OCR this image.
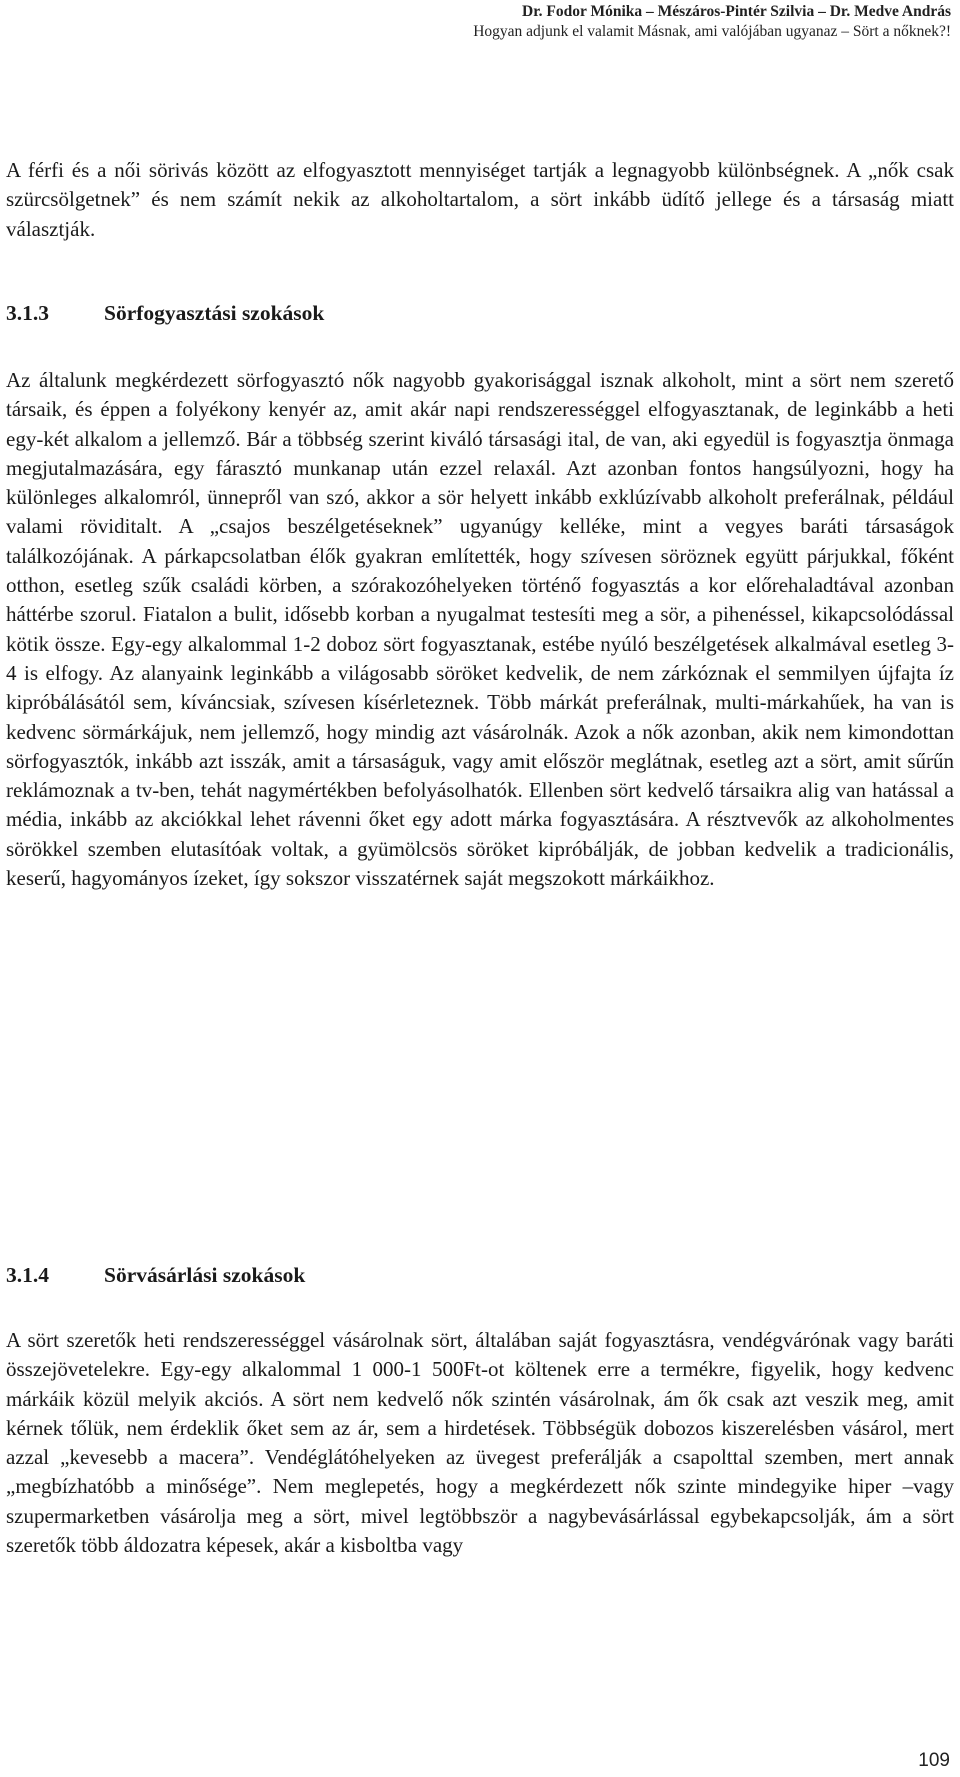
Dr. Fodor Mónika – Mészáros-Pintér Szilvia – Dr. Medve András
Hogyan adjunk el valamit Másnak, ami valójában ugyanaz – Sört a nőknek?!

A férfi és a női sörivás között az elfogyasztott mennyiséget tartják a legnagyobb különbségnek. A „nők csak szürcsölgetnek” és nem számít nekik az alkoholtartalom, a sört inkább üdítő jellege és a társaság miatt választják.

3.1.3	Sörfogyasztási szokások

Az általunk megkérdezett sörfogyasztó nők nagyobb gyakorisággal isznak alkoholt, mint a sört nem szerető társaik, és éppen a folyékony kenyér az, amit akár napi rendszerességgel elfogyasztanak, de leginkább a heti egy-két alkalom a jellemző. Bár a többség szerint kiváló társasági ital, de van, aki egyedül is fogyasztja önmaga megjutalmazására, egy fárasztó munkanap után ezzel relaxál. Azt azonban fontos hangsúlyozni, hogy ha különleges alkalomról, ünnepről van szó, akkor a sör helyett inkább exklúzívabb alkoholt preferálnak, például valami röviditalt. A „csajos beszélgetéseknek” ugyanúgy kelléke, mint a vegyes baráti társaságok találkozójának. A párkapcsolatban élők gyakran említették, hogy szívesen söröznek együtt párjukkal, főként otthon, esetleg szűk családi körben, a szórakozóhelyeken történő fogyasztás a kor előrehaladtával azonban háttérbe szorul. Fiatalon a bulit, idősebb korban a nyugalmat testesíti meg a sör, a pihenéssel, kikapcsolódással kötik össze. Egy-egy alkalommal 1-2 doboz sört fogyasztanak, estébe nyúló beszélgetések alkalmával esetleg 3-4 is elfogy. Az alanyaink leginkább a világosabb söröket kedvelik, de nem zárkóznak el semmilyen újfajta íz kipróbálásától sem, kíváncsiak, szívesen kísérleteznek. Több márkát preferálnak, multi-márkahűek, ha van is kedvenc sörmárkájuk, nem jellemző, hogy mindig azt vásárolnák. Azok a nők azonban, akik nem kimondottan sörfogyasztók, inkább azt isszák, amit a társaságuk, vagy amit először meglátnak, esetleg azt a sört, amit sűrűn reklámoznak a tv-ben, tehát nagymértékben befolyásolhatók. Ellenben sört kedvelő társaikra alig van hatással a média, inkább az akciókkal lehet rávenni őket egy adott márka fogyasztására. A résztvevők az alkoholmentes sörökkel szemben elutasítóak voltak, a gyümölcsös söröket kipróbálják, de jobban kedvelik a tradicionális, keserű, hagyományos ízeket, így sokszor visszatérnek saját megszokott márkáikhoz.

3.1.4	Sörvásárlási szokások

A sört szeretők heti rendszerességgel vásárolnak sört, általában saját fogyasztásra, vendégvárónak vagy baráti összejövetelekre. Egy-egy alkalommal 1 000-1 500Ft-ot költenek erre a termékre, figyelik, hogy kedvenc márkáik közül melyik akciós. A sört nem kedvelő nők szintén vásárolnak, ám ők csak azt veszik meg, amit kérnek tőlük, nem érdeklik őket sem az ár, sem a hirdetések. Többségük dobozos kiszerelésben vásárol, mert azzal „kevesebb a macera”. Vendéglátóhelyeken az üvegest preferálják a csapolttal szemben, mert annak „megbízhatóbb a minősége”. Nem meglepetés, hogy a megkérdezett nők szinte mindegyike hiper –vagy szupermarketben vásárolja meg a sört, mivel legtöbbször a nagybevásárlással egybekapcsolják, ám a sört szeretők több áldozatra képesek, akár a kisboltba vagy

109
